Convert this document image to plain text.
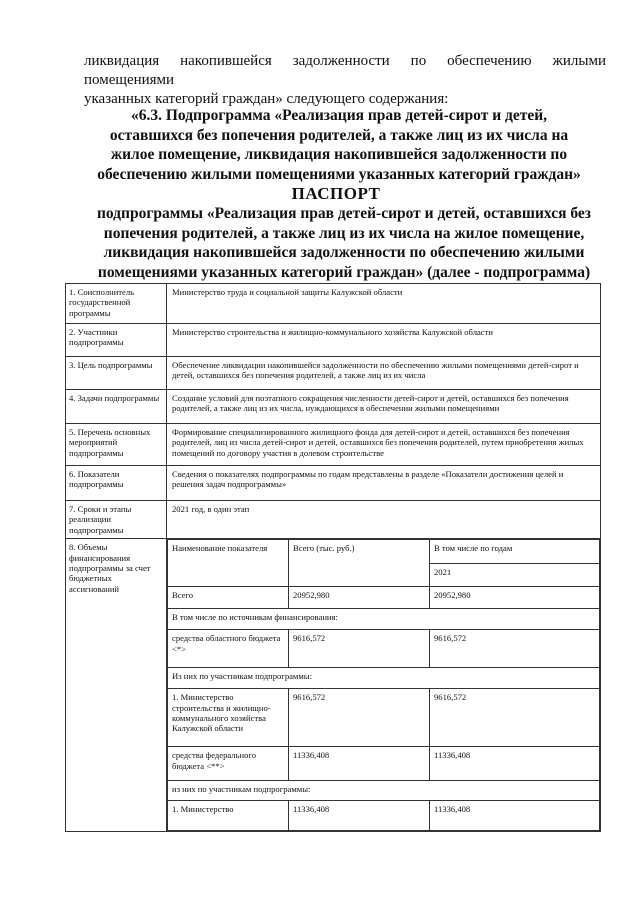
ликвидация накопившейся задолженности по обеспечению жилыми помещениями
указанных категорий граждан» следующего содержания:
«6.3. Подпрограмма «Реализация прав детей-сирот и детей, оставшихся без попечения родителей, а также лиц из их числа на жилое помещение, ликвидация накопившейся задолженности по обеспечению жилыми помещениями указанных категорий граждан»
ПАСПОРТ
подпрограммы «Реализация прав детей-сирот и детей, оставшихся без попечения родителей, а также лиц из их числа на жилое помещение, ликвидация накопившейся задолженности по обеспечению жилыми помещениями указанных категорий граждан» (далее - подпрограмма)
1. Соисполнитель государственной программы	Министерство труда и социальной защиты Калужской области
2. Участники подпрограммы	Министерство строительства и жилищно-коммунального хозяйства Калужской области
3. Цель подпрограммы	Обеспечение ликвидации накопившейся задолженности по обеспечению жилыми помещениями детей-сирот и детей, оставшихся без попечения родителей, а также лиц из их числа
4. Задачи подпрограммы	Создание условий для поэтапного сокращения численности детей-сирот и детей, оставшихся без попечения родителей, а также лиц из их числа, нуждающихся в обеспечении жилыми помещениями
5. Перечень основных мероприятий подпрограммы	Формирование специализированного жилищного фонда для детей-сирот и детей, оставшихся без попечения родителей, лиц из числа детей-сирот и детей, оставшихся без попечения родителей, путем приобретения жилых помещений по договору участия в долевом строительстве
6. Показатели подпрограммы	Сведения о показателях подпрограммы по годам представлены в разделе «Показатели достижения целей и решения задач подпрограммы»
7. Сроки и этапы реализации подпрограммы	2021 год, в один этап
8. Объемы финансирования подпрограммы за счет бюджетных ассигнований	
Наименование показателя	Всего (тыс. руб.)	В том числе по годам
2021
Всего	20952,980	20952,980
В том числе по источникам финансирования:
средства областного бюджета <*>	9616,572	9616,572
Из них по участникам подпрограммы:
1. Министерство строительства и жилищно-коммунального хозяйства Калужской области	9616,572	9616,572
средства федерального бюджета <**>	11336,408	11336,408
из них по участникам подпрограммы:
1. Министерство	11336,408	11336,408
